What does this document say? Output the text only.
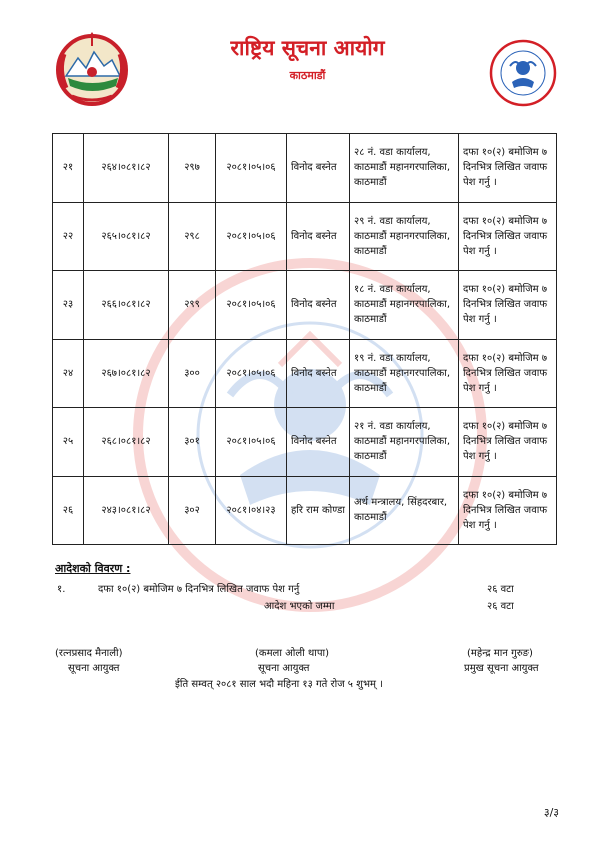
राष्ट्रिय सूचना आयोग
काठमाडौं
२१	२६४।०८१।८२	२९७	२०८१।०५।०६	विनोद बस्नेत	२८ नं. वडा कार्यालय, काठमाडौं महानगरपालिका, काठमाडौं	दफा १०(२) बमोजिम ७ दिनभित्र लिखित जवाफ पेश गर्नु ।
२२	२६५।०८१।८२	२९८	२०८१।०५।०६	विनोद बस्नेत	२९ नं. वडा कार्यालय, काठमाडौं महानगरपालिका, काठमाडौं	दफा १०(२) बमोजिम ७ दिनभित्र लिखित जवाफ पेश गर्नु ।
२३	२६६।०८१।८२	२९९	२०८१।०५।०६	विनोद बस्नेत	१८ नं. वडा कार्यालय, काठमाडौं महानगरपालिका, काठमाडौं	दफा १०(२) बमोजिम ७ दिनभित्र लिखित जवाफ पेश गर्नु ।
२४	२६७।०८१।८२	३००	२०८१।०५।०६	विनोद बस्नेत	१९ नं. वडा कार्यालय, काठमाडौं महानगरपालिका, काठमाडौं	दफा १०(२) बमोजिम ७ दिनभित्र लिखित जवाफ पेश गर्नु ।
२५	२६८।०८१।८२	३०१	२०८१।०५।०६	विनोद बस्नेत	२१ नं. वडा कार्यालय, काठमाडौं महानगरपालिका, काठमाडौं	दफा १०(२) बमोजिम ७ दिनभित्र लिखित जवाफ पेश गर्नु ।
२६	२४३।०८१।८२	३०२	२०८१।०४।२३	हरि राम कोण्डा	अर्थ मन्त्रालय, सिंहदरबार, काठमाडौं	दफा १०(२) बमोजिम ७ दिनभित्र लिखित जवाफ पेश गर्नु ।
आदेशको विवरण :
१.	दफा १०(२) बमोजिम ७ दिनभित्र लिखित जवाफ पेश गर्नु	२६ वटा
आदेश भएको जम्मा	२६ वटा
(रत्नप्रसाद मैनाली)
सूचना आयुक्त
(कमला ओली थापा)
सूचना आयुक्त
(महेन्द्र मान गुरुङ)
प्रमुख सूचना आयुक्त
ईति सम्वत् २०८१ साल भदौ महिना १३ गते रोज ५ शुभम् ।
३/३
